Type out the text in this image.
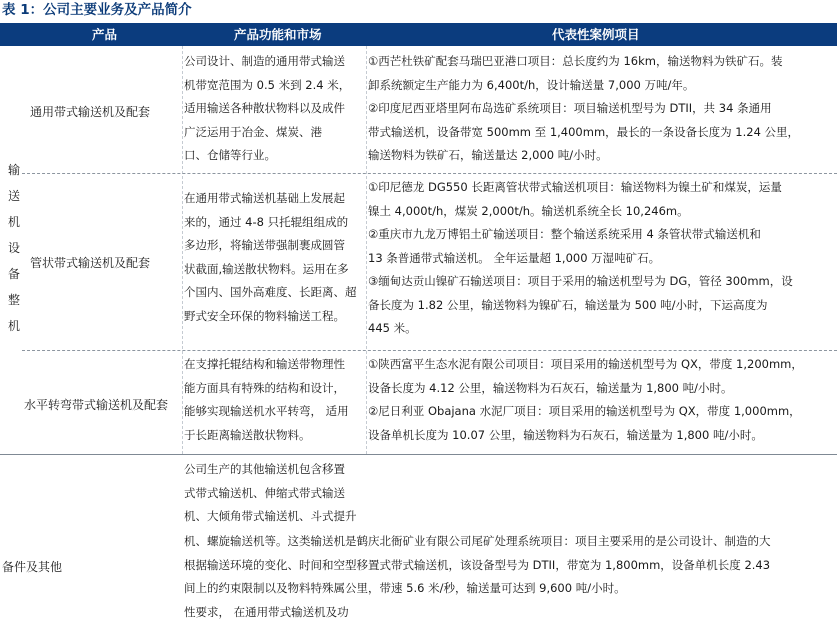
表 1：公司主要业务及产品简介
产品	产品功能和市场	代表性案例项目
输送机设备整机
通用带式输送机及配套
公司设计、制造的通用带式输送
机带宽范围为 0.5 米到 2.4 米，
适用输送各种散状物料以及成件
广泛运用于冶金、煤炭、港
口、仓储等行业。
①西芒杜铁矿配套马瑞巴亚港口项目：总长度约为 16km，输送物料为铁矿石。装
卸系统额定生产能力为 6,400t/h，设计输送量 7,000 万吨/年。
②印度尼西亚塔里阿布岛选矿系统项目：项目输送机型号为 DTII，共 34 条通用
带式输送机，设备带宽 500mm 至 1,400mm，最长的一条设备长度为 1.24 公里，
输送物料为铁矿石，输送量达 2,000 吨/小时。
管状带式输送机及配套
在通用带式输送机基础上发展起
来的，通过 4-8 只托辊组组成的
多边形，将输送带强制裹成圆管
状截面,输送散状物料。运用在多
个国内、国外高难度、长距离、超
野式安全环保的物料输送工程。
①印尼德龙 DG550 长距离管状带式输送机项目：输送物料为镍土矿和煤炭，运量
镍土 4,000t/h，煤炭 2,000t/h。输送机系统全长 10,246m。
②重庆市九龙万博铝土矿输送项目：整个输送系统采用 4 条管状带式输送机和
13 条普通带式输送机。 全年运量超 1,000 万湿吨矿石。
③缅甸达贡山镍矿石输送项目：项目于采用的输送机型号为 DG，管径 300mm，设
备长度为 1.82 公里，输送物料为镍矿石，输送量为 500 吨/小时，下运高度为
445 米。
水平转弯带式输送机及配套
在支撑托辊结构和输送带物理性
能方面具有特殊的结构和设计，
能够实现输送机水平转弯， 适用
于长距离输送散状物料。
①陕西富平生态水泥有限公司项目：项目采用的输送机型号为 QX，带度 1,200mm，
设备长度为 4.12 公里，输送物料为石灰石，输送量为 1,800 吨/小时。
②尼日利亚 Obajana 水泥厂项目：项目采用的输送机型号为 QX，带度 1,000mm，
设备单机长度为 10.07 公里，输送物料为石灰石，输送量为 1,800 吨/小时。
备件及其他
公司生产的其他输送机包含移置
式带式输送机、伸缩式带式输送
机、大倾角带式输送机、斗式提升
机、螺旋输送机等。这类输送机是鹤庆北衙矿业有限公司尾矿处理系统项目：项目主要采用的是公司设计、制造的大
根据输送环境的变化、时间和空型移置式带式输送机，该设备型号为 DTII，带宽为 1,800mm，设备单机长度 2.43
间上的约束限制以及物料特殊属公里，带速 5.6 米/秒，输送量可达到 9,600 吨/小时。
性要求， 在通用带式输送机及功
